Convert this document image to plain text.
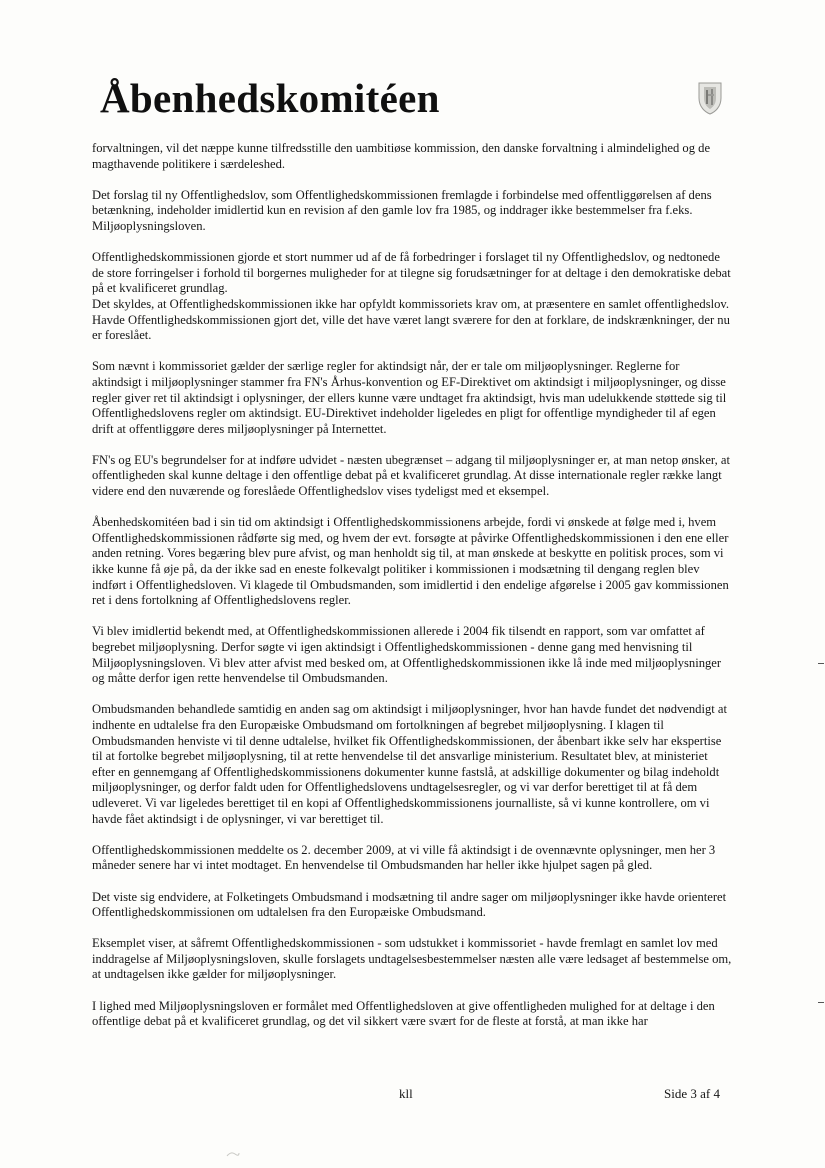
Åbenhedskomitéen

forvaltningen, vil det næppe kunne tilfredsstille den uambitiøse kommission, den danske forvaltning i almindelighed og de magthavende politikere i særdeleshed.

Det forslag til ny Offentlighedslov, som Offentlighedskommissionen fremlagde i forbindelse med offentliggørelsen af dens betænkning, indeholder imidlertid kun en revision af den gamle lov fra 1985, og inddrager ikke bestemmelser fra f.eks. Miljøoplysningsloven.

Offentlighedskommissionen gjorde et stort nummer ud af de få forbedringer i forslaget til ny Offentlighedslov, og nedtonede de store forringelser i forhold til borgernes muligheder for at tilegne sig forudsætninger for at deltage i den demokratiske debat på et kvalificeret grundlag.

Det skyldes, at Offentlighedskommissionen ikke har opfyldt kommissoriets krav om, at præsentere en samlet offentlighedslov. Havde Offentlighedskommissionen gjort det, ville det have været langt sværere for den at forklare, de indskrænkninger, der nu er foreslået.

Som nævnt i kommissoriet gælder der særlige regler for aktindsigt når, der er tale om miljøoplysninger. Reglerne for aktindsigt i miljøoplysninger stammer fra FN's Århus-konvention og EF-Direktivet om aktindsigt i miljøoplysninger, og disse regler giver ret til aktindsigt i oplysninger, der ellers kunne være undtaget fra aktindsigt, hvis man udelukkende støttede sig til Offentlighedslovens regler om aktindsigt. EU-Direktivet indeholder ligeledes en pligt for offentlige myndigheder til af egen drift at offentliggøre deres miljøoplysninger på Internettet.

FN's og EU's begrundelser for at indføre udvidet - næsten ubegrænset – adgang til miljøoplysninger er, at man netop ønsker, at offentligheden skal kunne deltage i den offentlige debat på et kvalificeret grundlag. At disse internationale regler række langt videre end den nuværende og foreslåede Offentlighedslov vises tydeligst med et eksempel.

Åbenhedskomitéen bad i sin tid om aktindsigt i Offentlighedskommissionens arbejde, fordi vi ønskede at følge med i, hvem Offentlighedskommissionen rådførte sig med, og hvem der evt. forsøgte at påvirke Offentlighedskommissionen i den ene eller anden retning. Vores begæring blev pure afvist, og man henholdt sig til, at man ønskede at beskytte en politisk proces, som vi ikke kunne få øje på, da der ikke sad en eneste folkevalgt politiker i kommissionen i modsætning til dengang reglen blev indført i Offentlighedsloven. Vi klagede til Ombudsmanden, som imidlertid i den endelige afgørelse i 2005 gav kommissionen ret i dens fortolkning af Offentlighedslovens regler.

Vi blev imidlertid bekendt med, at Offentlighedskommissionen allerede i 2004 fik tilsendt en rapport, som var omfattet af begrebet miljøoplysning. Derfor søgte vi igen aktindsigt i Offentlighedskommissionen - denne gang med henvisning til Miljøoplysningsloven. Vi blev atter afvist med besked om, at Offentlighedskommissionen ikke lå inde med miljøoplysninger og måtte derfor igen rette henvendelse til Ombudsmanden.

Ombudsmanden behandlede samtidig en anden sag om aktindsigt i miljøoplysninger, hvor han havde fundet det nødvendigt at indhente en udtalelse fra den Europæiske Ombudsmand om fortolkningen af begrebet miljøoplysning. I klagen til Ombudsmanden henviste vi til denne udtalelse, hvilket fik Offentlighedskommissionen, der åbenbart ikke selv har ekspertise til at fortolke begrebet miljøoplysning, til at rette henvendelse til det ansvarlige ministerium. Resultatet blev, at ministeriet efter en gennemgang af Offentlighedskommissionens dokumenter kunne fastslå, at adskillige dokumenter og bilag indeholdt miljøoplysninger, og derfor faldt uden for Offentlighedslovens undtagelsesregler, og vi var derfor berettiget til at få dem udleveret. Vi var ligeledes berettiget til en kopi af Offentlighedskommissionens journalliste, så vi kunne kontrollere, om vi havde fået aktindsigt i de oplysninger, vi var berettiget til.

Offentlighedskommissionen meddelte os 2. december 2009, at vi ville få aktindsigt i de ovennævnte oplysninger, men her 3 måneder senere har vi intet modtaget. En henvendelse til Ombudsmanden har heller ikke hjulpet sagen på gled.

Det viste sig endvidere, at Folketingets Ombudsmand i modsætning til andre sager om miljøoplysninger ikke havde orienteret Offentlighedskommissionen om udtalelsen fra den Europæiske Ombudsmand.

Eksemplet viser, at såfremt Offentlighedskommissionen - som udstukket i kommissoriet - havde fremlagt en samlet lov med inddragelse af Miljøoplysningsloven, skulle forslagets undtagelsesbestemmelser næsten alle være ledsaget af bestemmelse om, at undtagelsen ikke gælder for miljøoplysninger.

I lighed med Miljøoplysningsloven er formålet med Offentlighedsloven at give offentligheden mulighed for at deltage i den offentlige debat på et kvalificeret grundlag, og det vil sikkert være svært for de fleste at forstå, at man ikke har

kll	Side 3 af 4
